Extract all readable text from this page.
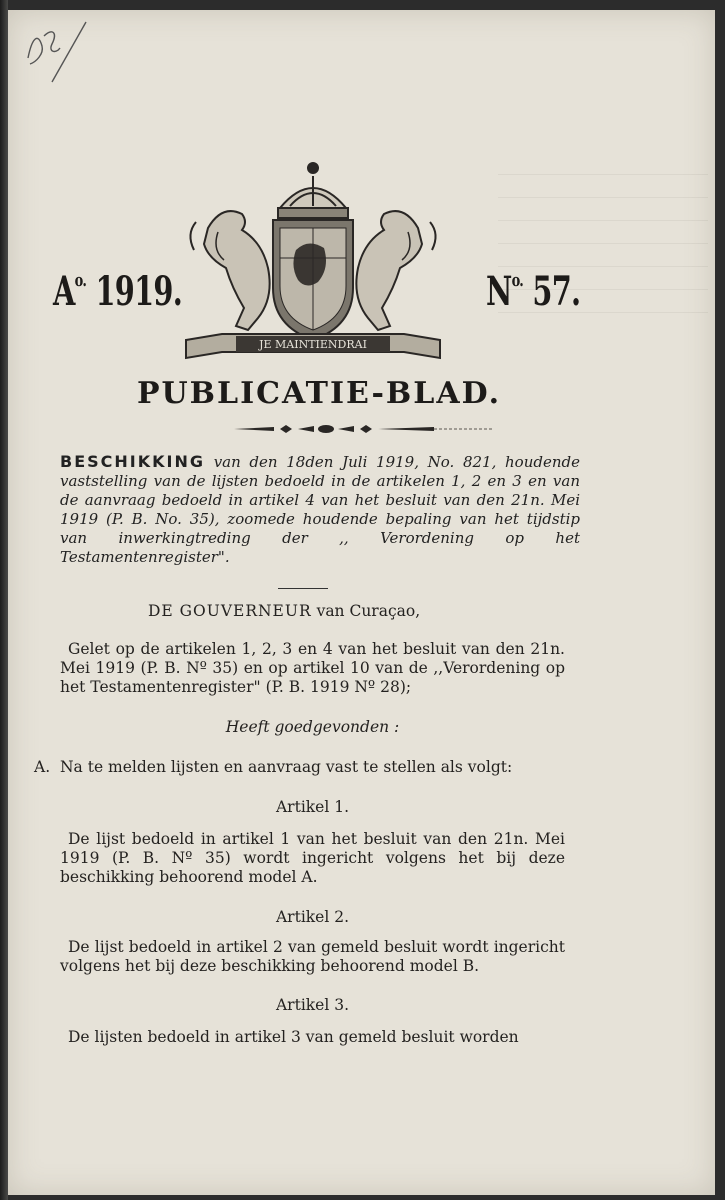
$A^{o.}$ 1919.
JE MAINTIENDRAI
$N^{o.}$ 57.
PUBLICATIE-BLAD.
BESCHIKKING van den 18den Juli 1919, No. 821, houdende vaststelling van de lijsten bedoeld in de artikelen 1, 2 en 3 en van de aanvraag bedoeld in artikel 4 van het besluit van den 21n. Mei 1919 (P. B. No. 35), zoomede houdende bepaling van het tijdstip van inwerkingtreding der ,, Verordening op het Testamentenregister".
DE GOUVERNEUR van Curaçao,
Gelet op de artikelen 1, 2, 3 en 4 van het besluit van den 21n. Mei 1919 (P. B. Nº 35) en op artikel 10 van de ,,Verordening op het Testamentenregister" (P. B. 1919 Nº 28);
Heeft goedgevonden :
A. Na te melden lijsten en aanvraag vast te stellen als volgt:
Artikel 1.
De lijst bedoeld in artikel 1 van het besluit van den 21n. Mei 1919 (P. B. Nº 35) wordt ingericht volgens het bij deze beschikking behoorend model A.
Artikel 2.
De lijst bedoeld in artikel 2 van gemeld besluit wordt ingericht volgens het bij deze beschikking behoorend model B.
Artikel 3.
De lijsten bedoeld in artikel 3 van gemeld besluit worden
